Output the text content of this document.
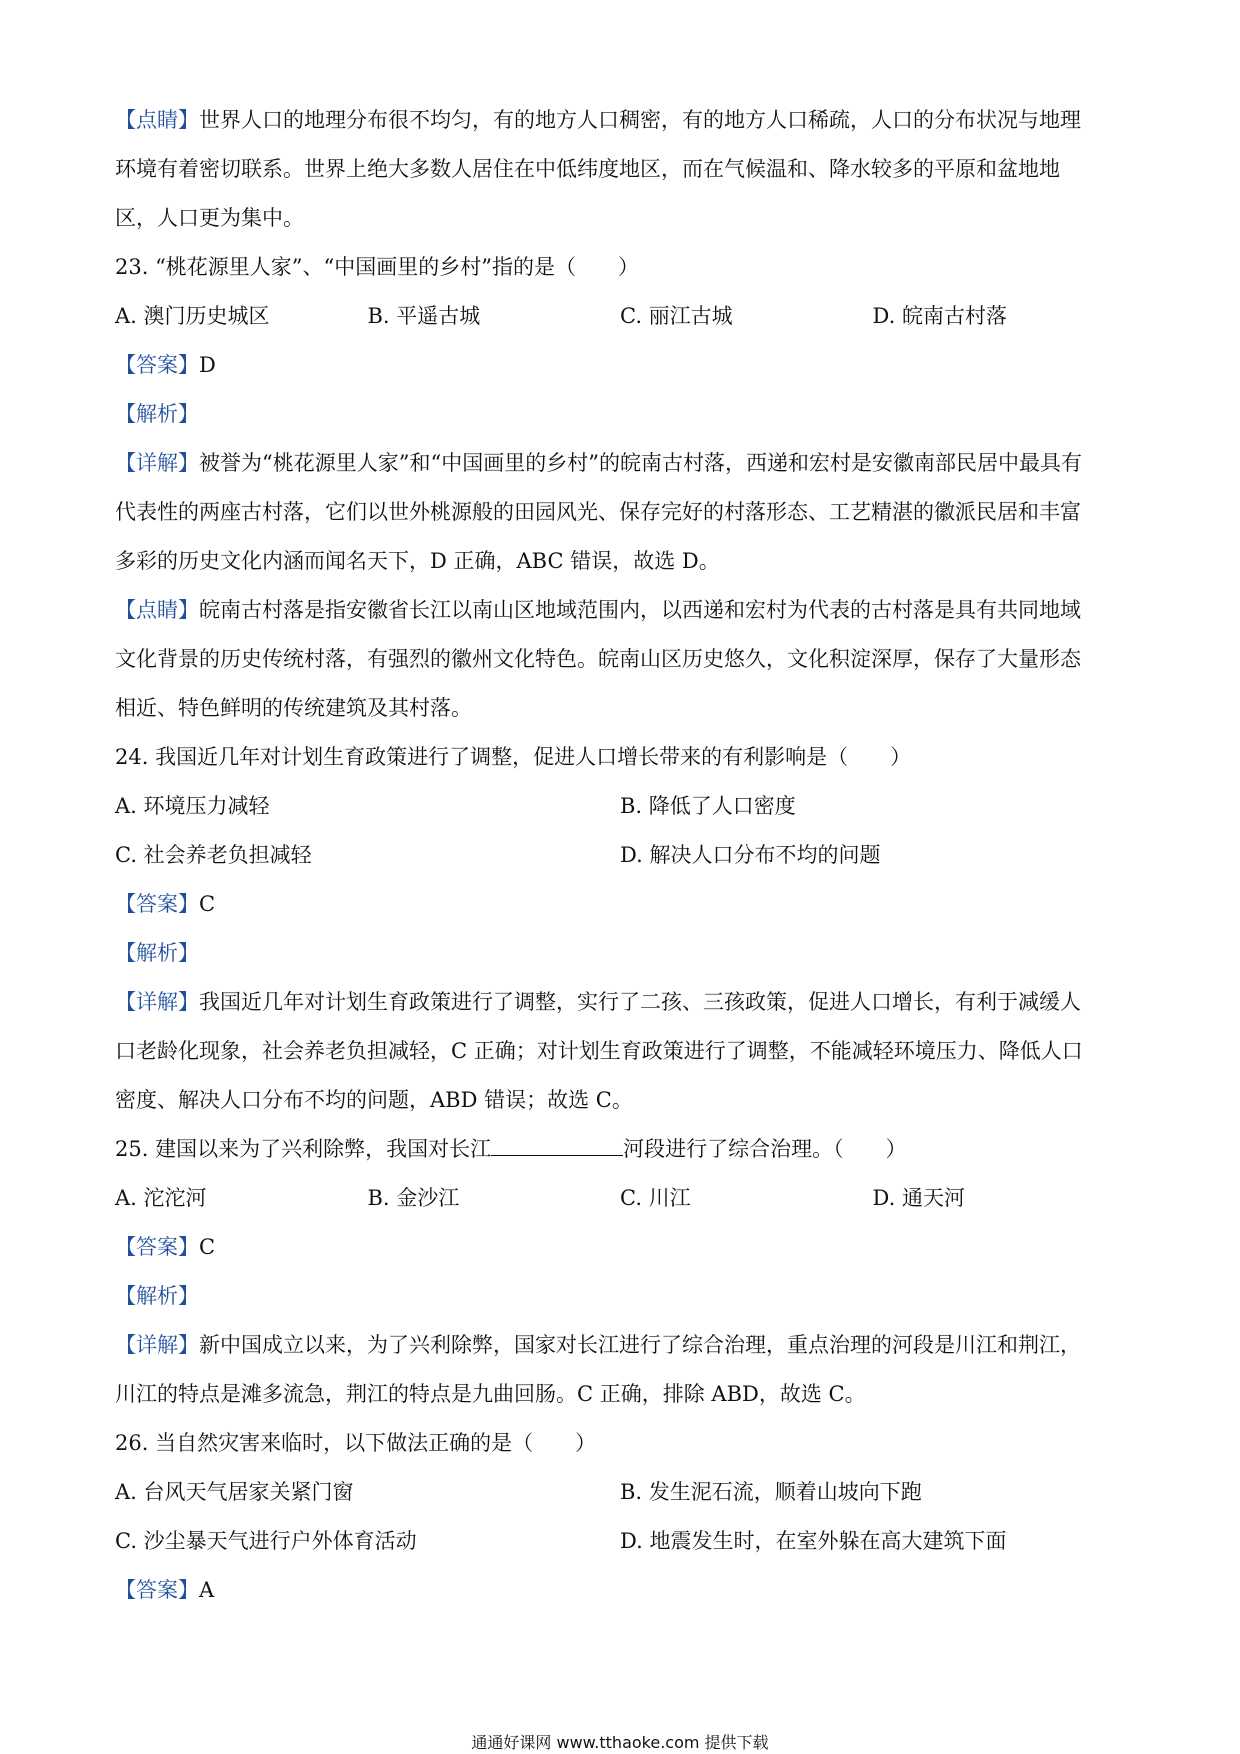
【点睛】世界人口的地理分布很不均匀，有的地方人口稠密，有的地方人口稀疏，人口的分布状况与地理

环境有着密切联系。世界上绝大多数人居住在中低纬度地区，而在气候温和、降水较多的平原和盆地地

区，人口更为集中。

23. “桃花源里人家”、“中国画里的乡村”指的是（　　）

A. 澳门历史城区	B. 平遥古城	C. 丽江古城	D. 皖南古村落

【答案】D

【解析】

【详解】被誉为“桃花源里人家”和“中国画里的乡村”的皖南古村落，西递和宏村是安徽南部民居中最具有

代表性的两座古村落，它们以世外桃源般的田园风光、保存完好的村落形态、工艺精湛的徽派民居和丰富

多彩的历史文化内涵而闻名天下，D 正确，ABC 错误，故选 D。

【点睛】皖南古村落是指安徽省长江以南山区地域范围内，以西递和宏村为代表的古村落是具有共同地域

文化背景的历史传统村落，有强烈的徽州文化特色。皖南山区历史悠久，文化积淀深厚，保存了大量形态

相近、特色鲜明的传统建筑及其村落。

24. 我国近几年对计划生育政策进行了调整，促进人口增长带来的有利影响是（　　）

A. 环境压力减轻	B. 降低了人口密度
C. 社会养老负担减轻	D. 解决人口分布不均的问题

【答案】C

【解析】

【详解】我国近几年对计划生育政策进行了调整，实行了二孩、三孩政策，促进人口增长，有利于减缓人

口老龄化现象，社会养老负担减轻，C 正确；对计划生育政策进行了调整，不能减轻环境压力、降低人口

密度、解决人口分布不均的问题，ABD 错误；故选 C。

25. 建国以来为了兴利除弊，我国对长江	河段进行了综合治理。（　　）

A. 沱沱河	B. 金沙江	C. 川江	D. 通天河

【答案】C

【解析】

【详解】新中国成立以来，为了兴利除弊，国家对长江进行了综合治理，重点治理的河段是川江和荆江，

川江的特点是滩多流急，荆江的特点是九曲回肠。C 正确，排除 ABD，故选 C。

26. 当自然灾害来临时，以下做法正确的是（　　）

A. 台风天气居家关紧门窗	B. 发生泥石流，顺着山坡向下跑
C. 沙尘暴天气进行户外体育活动	D. 地震发生时，在室外躲在高大建筑下面

【答案】A

通通好课网 www.tthaoke.com 提供下载
